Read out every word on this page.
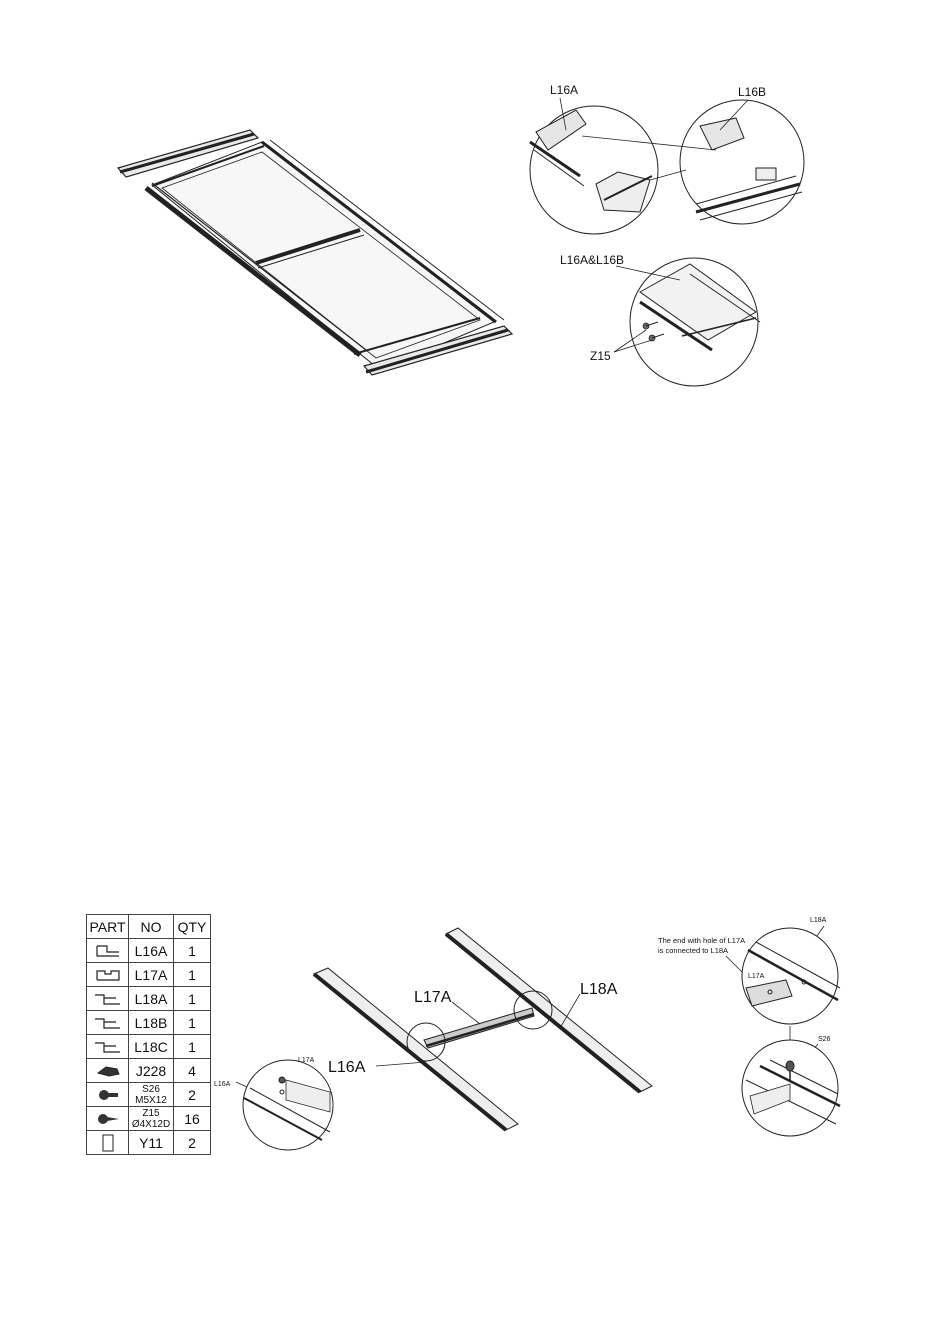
L16A	L16B
L16A&L16B
Z15
PART	NO	QTY

	L16A	1

	L17A	1

	L18A	1

	L18B	1

	L18C	1

	J228	4

S26
M5X12	2

Z15
Ø4X12D	16

	Y11	2
L17A	L18A
L16A
L16A
L17A
The end with hole of L17A
is connected to L18A
L18A
L17A
S26
